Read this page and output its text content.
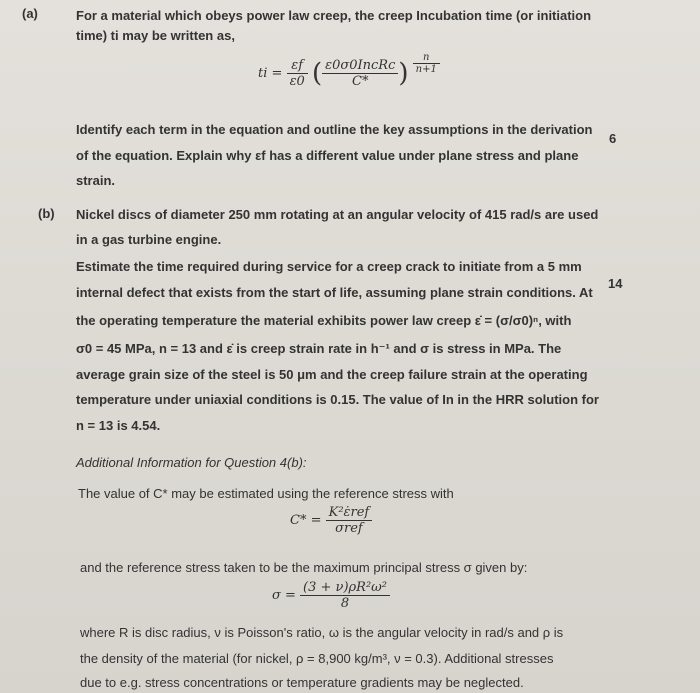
(a)	For a material which obeys power law creep, the creep Incubation time (or initiation
time) ti may be written as,
ti = $\frac{\varepsilon f}{\varepsilon 0}$ ( $\frac{\text{ε0σ0IncRc}}{C*}$ ) $\frac{n}{n+1}$
Identify each term in the equation and outline the key assumptions in the derivation
6
of the equation. Explain why εf has a different value under plane stress and plane
strain.
(b) Nickel discs of diameter 250 mm rotating at an angular velocity of 415 rad/s are used
in a gas turbine engine.
Estimate the time required during service for a creep crack to initiate from a 5 mm
14
internal defect that exists from the start of life, assuming plane strain conditions. At
the operating temperature the material exhibits power law creep ε̇ = (σ/σ0)ⁿ, with
σ0 = 45 MPa, n = 13 and ε̇ is creep strain rate in h⁻¹ and σ is stress in MPa. The
average grain size of the steel is 50 μm and the creep failure strain at the operating
temperature under uniaxial conditions is 0.15. The value of In in the HRR solution for
n = 13 is 4.54.
Additional Information for Question 4(b):
The value of C* may be estimated using the reference stress with
$C* = \frac{\text{K²ε̇ref}}{\text{σref}}$
and the reference stress taken to be the maximum principal stress σ given by:
$\sigma = \frac{\text{(3 + ν)ρR²ω²}}{8}$
where R is disc radius, ν is Poisson's ratio, ω is the angular velocity in rad/s and ρ is
the density of the material (for nickel, ρ = 8,900 kg/m³, ν = 0.3). Additional stresses
due to e.g. stress concentrations or temperature gradients may be neglected.
